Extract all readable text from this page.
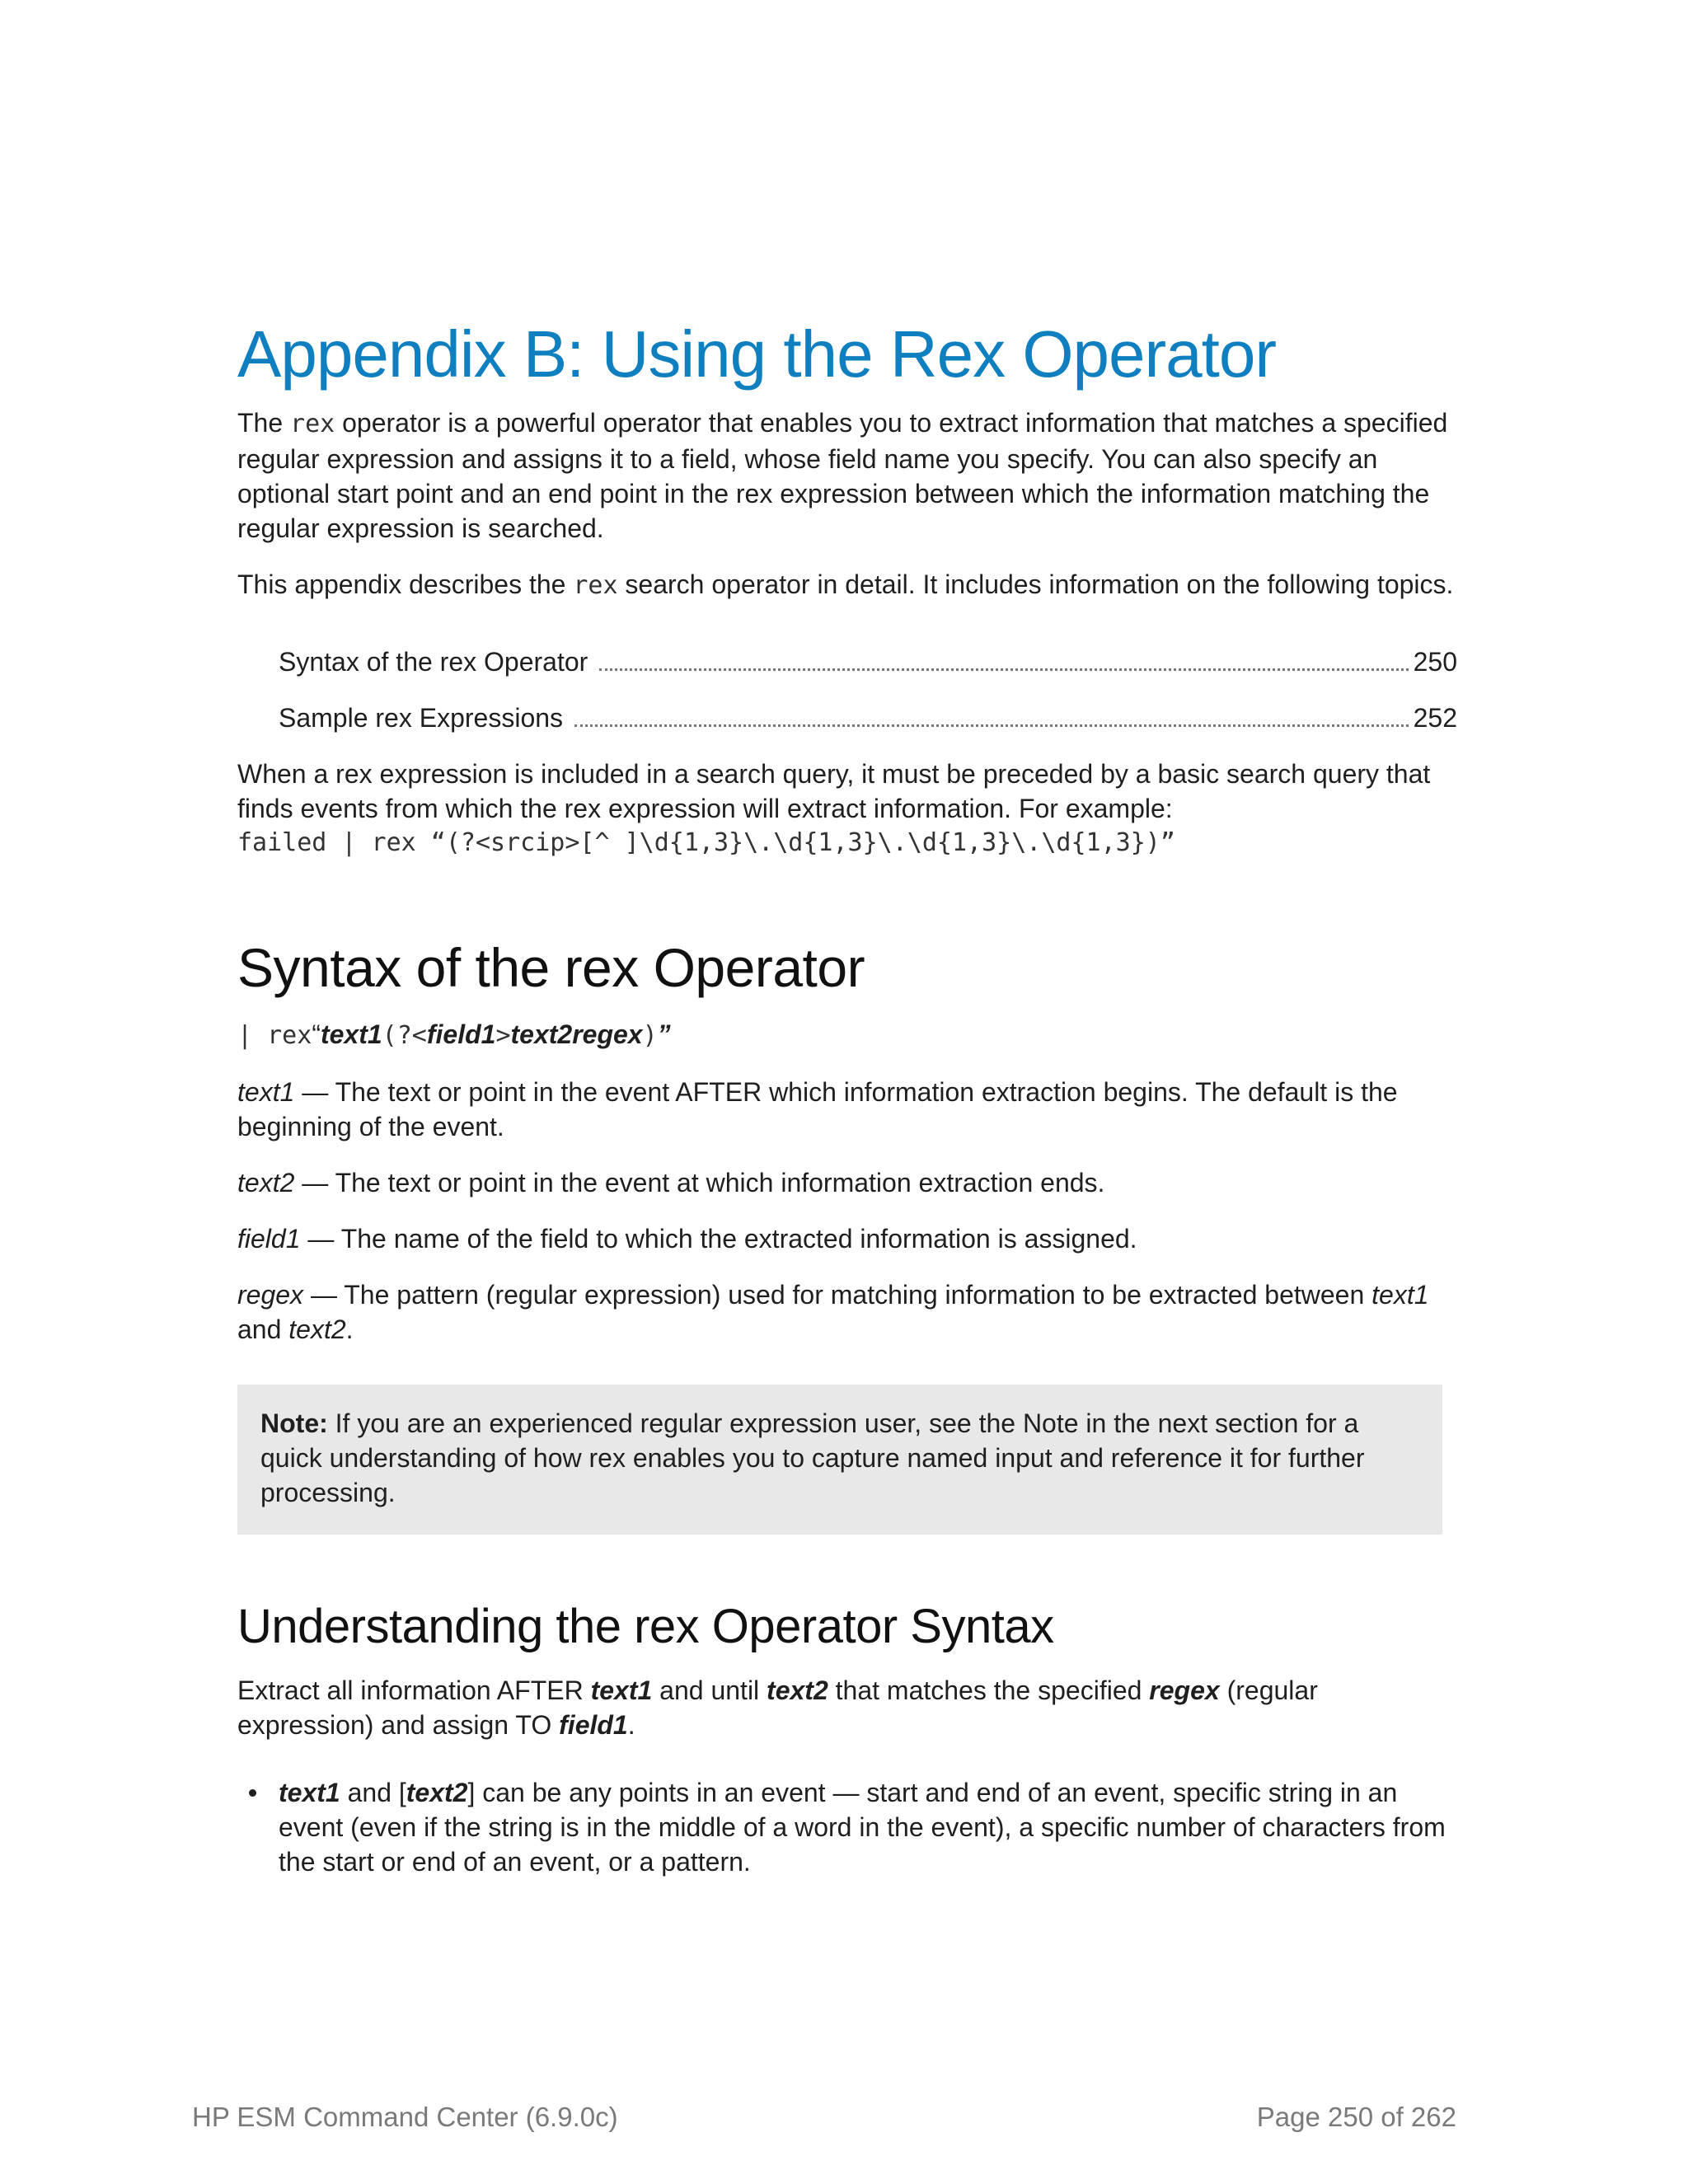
Appendix B: Using the Rex Operator

The rex operator is a powerful operator that enables you to extract information that matches a specified regular expression and assigns it to a field, whose field name you specify. You can also specify an optional start point and an end point in the rex expression between which the information matching the regular expression is searched.

This appendix describes the rex search operator in detail. It includes information on the following topics.

Syntax of the rex Operator	250
Sample rex Expressions	252

When a rex expression is included in a search query, it must be preceded by a basic search query that finds events from which the rex expression will extract information. For example:

failed | rex “(?<srcip>[^ ]\d{1,3}\.\d{1,3}\.\d{1,3}\.\d{1,3})”

Syntax of the rex Operator

| rex“text1(?<field1>text2regex)”

text1 — The text or point in the event AFTER which information extraction begins. The default is the beginning of the event.

text2 — The text or point in the event at which information extraction ends.

field1 — The name of the field to which the extracted information is assigned.

regex — The pattern (regular expression) used for matching information to be extracted between text1 and text2.

Note: If you are an experienced regular expression user, see the Note in the next section for a quick understanding of how rex enables you to capture named input and reference it for further processing.
Understanding the rex Operator Syntax

Extract all information AFTER text1 and until text2 that matches the specified regex (regular expression) and assign TO field1.

text1 and [text2] can be any points in an event — start and end of an event, specific string in an event (even if the string is in the middle of a word in the event), a specific number of characters from the start or end of an event, or a pattern.
HP ESM Command Center (6.9.0c)	Page 250 of 262
